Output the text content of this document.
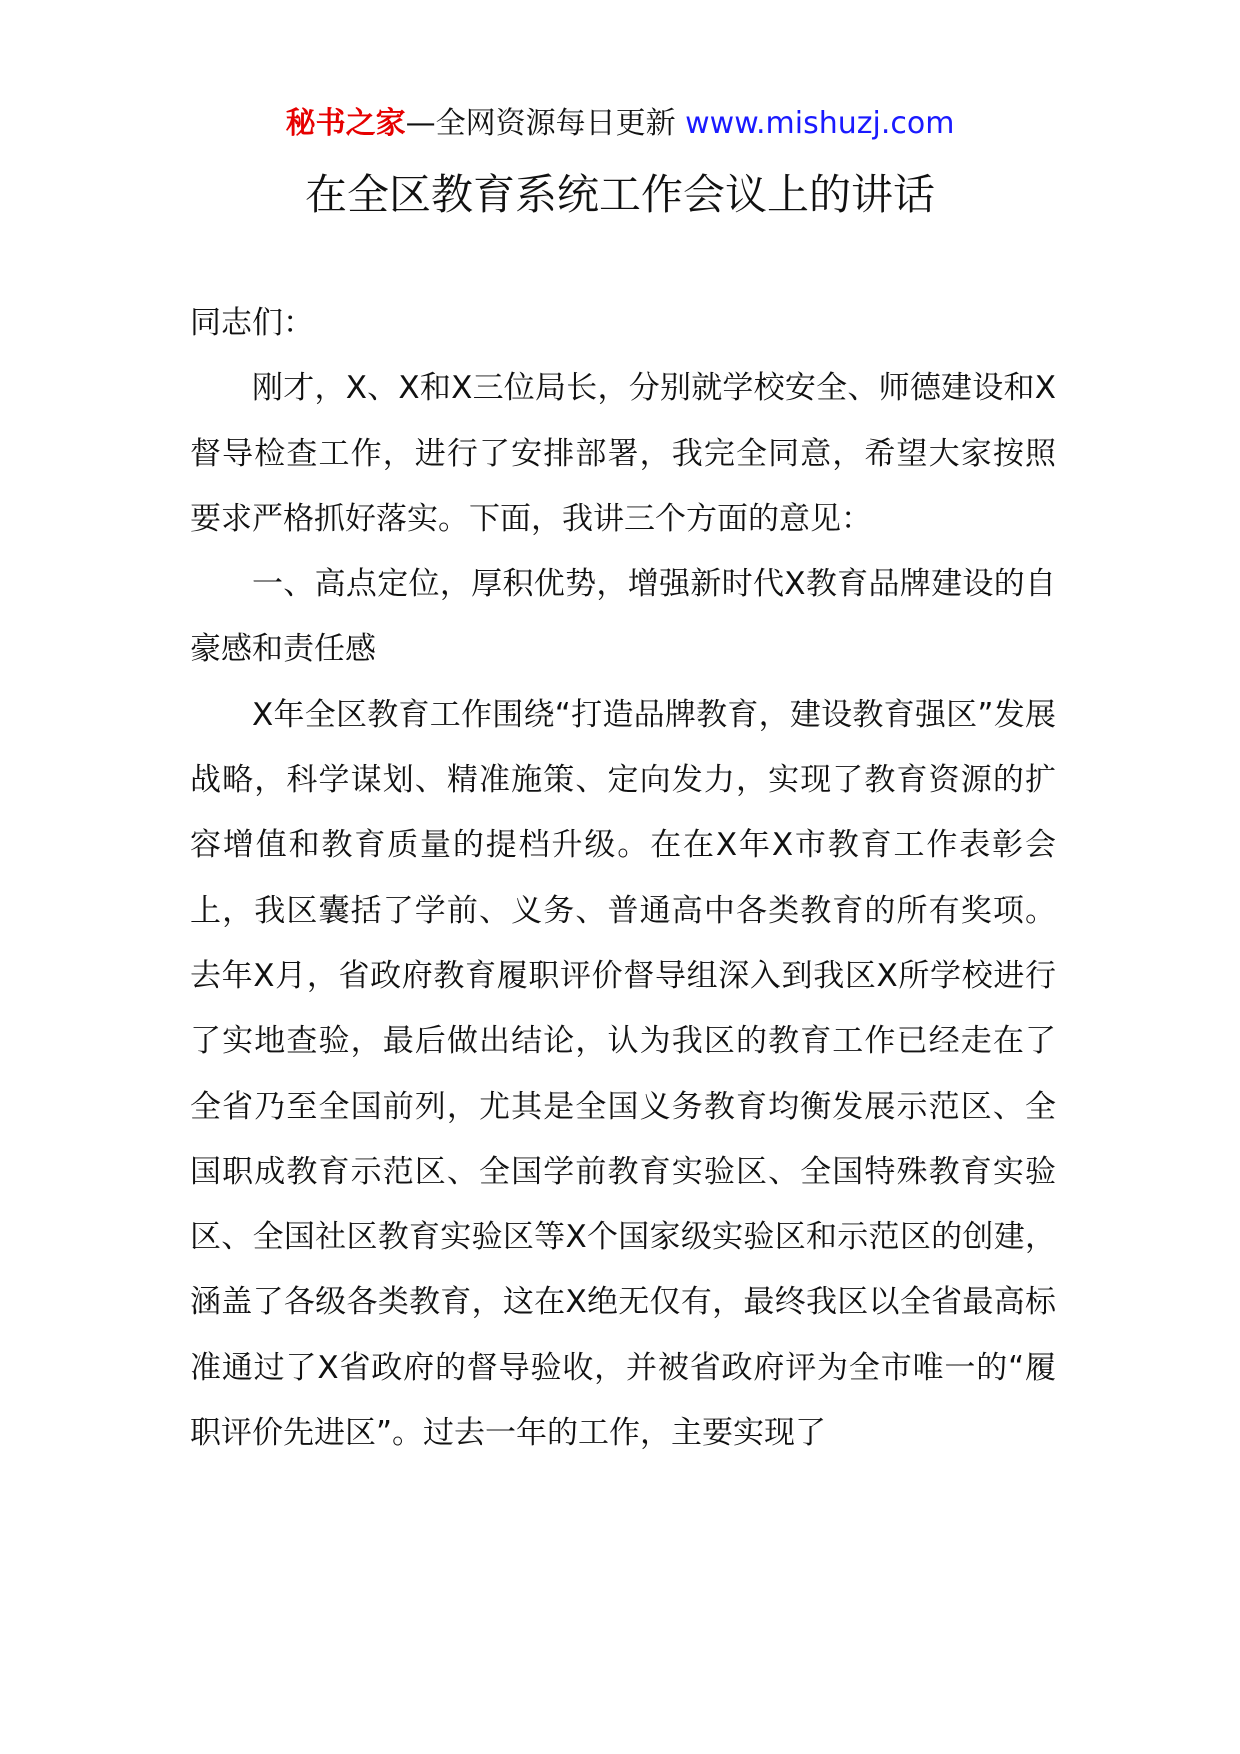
秘书之家—全网资源每日更新 www.mishuzj.com
在全区教育系统工作会议上的讲话

同志们：

刚才，X、X和X三位局长，分别就学校安全、师德建设和X督导检查工作，进行了安排部署，我完全同意，希望大家按照要求严格抓好落实。下面，我讲三个方面的意见：

一、高点定位，厚积优势，增强新时代X教育品牌建设的自豪感和责任感

X年全区教育工作围绕“打造品牌教育，建设教育强区”发展战略，科学谋划、精准施策、定向发力，实现了教育资源的扩容增值和教育质量的提档升级。在在X年X市教育工作表彰会上，我区囊括了学前、义务、普通高中各类教育的所有奖项。去年X月，省政府教育履职评价督导组深入到我区X所学校进行了实地查验，最后做出结论，认为我区的教育工作已经走在了全省乃至全国前列，尤其是全国义务教育均衡发展示范区、全国职成教育示范区、全国学前教育实验区、全国特殊教育实验区、全国社区教育实验区等X个国家级实验区和示范区的创建，涵盖了各级各类教育，这在X绝无仅有，最终我区以全省最高标准通过了X省政府的督导验收，并被省政府评为全市唯一的“履职评价先进区”。过去一年的工作，主要实现了
